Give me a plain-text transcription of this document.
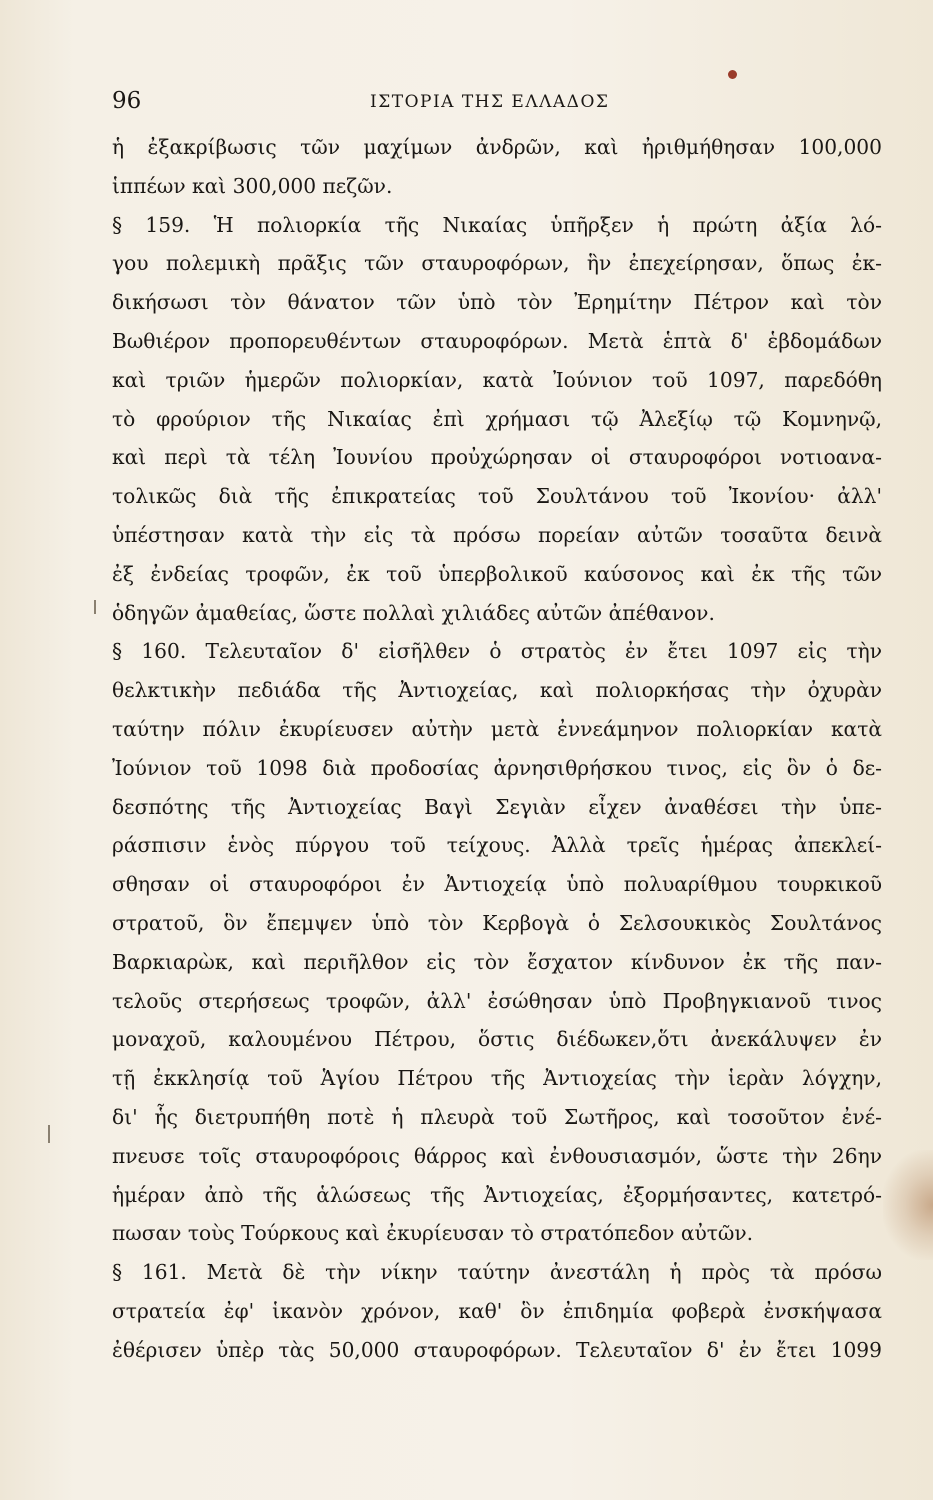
96	ΙΣΤΟΡΙΑ ΤΗΣ ΕΛΛΑΔΟΣ
ἡ ἐξακρίβωσις τῶν μαχίμων ἀνδρῶν, καὶ ἠριθμήθησαν 100,000
ἱππέων καὶ 300,000 πεζῶν.
§ 159. Ἡ πολιορκία τῆς Νικαίας ὑπῆρξεν ἡ πρώτη ἀξία λό-
γου πολεμικὴ πρᾶξις τῶν σταυροφόρων, ἣν ἐπεχείρησαν, ὅπως ἐκ-
δικήσωσι τὸν θάνατον τῶν ὑπὸ τὸν Ἐρημίτην Πέτρον καὶ τὸν
Βωθιέρον προπορευθέντων σταυροφόρων. Μετὰ ἑπτὰ δ' ἑβδομάδων
καὶ τριῶν ἡμερῶν πολιορκίαν, κατὰ Ἰούνιον τοῦ 1097, παρεδόθη
τὸ φρούριον τῆς Νικαίας ἐπὶ χρήμασι τῷ Ἀλεξίῳ τῷ Κομνηνῷ,
καὶ περὶ τὰ τέλη Ἰουνίου προὐχώρησαν οἱ σταυροφόροι νοτιοανα-
τολικῶς διὰ τῆς ἐπικρατείας τοῦ Σουλτάνου τοῦ Ἰκονίου· ἀλλ'
ὑπέστησαν κατὰ τὴν εἰς τὰ πρόσω πορείαν αὐτῶν τοσαῦτα δεινὰ
ἐξ ἐνδείας τροφῶν, ἐκ τοῦ ὑπερβολικοῦ καύσονος καὶ ἐκ τῆς τῶν
ὁδηγῶν ἀμαθείας, ὥστε πολλαὶ χιλιάδες αὐτῶν ἀπέθανον.
§ 160. Τελευταῖον δ' εἰσῆλθεν ὁ στρατὸς ἐν ἔτει 1097 εἰς τὴν
θελκτικὴν πεδιάδα τῆς Ἀντιοχείας, καὶ πολιορκήσας τὴν ὀχυρὰν
ταύτην πόλιν ἐκυρίευσεν αὐτὴν μετὰ ἐννεάμηνον πολιορκίαν κατὰ
Ἰούνιον τοῦ 1098 διὰ προδοσίας ἀρνησιθρήσκου τινος, εἰς ὃν ὁ δε-
δεσπότης τῆς Ἀντιοχείας Βαγὶ Σεγιὰν εἶχεν ἀναθέσει τὴν ὑπε-
ράσπισιν ἑνὸς πύργου τοῦ τείχους. Ἀλλὰ τρεῖς ἡμέρας ἀπεκλεί-
σθησαν οἱ σταυροφόροι ἐν Ἀντιοχείᾳ ὑπὸ πολυαρίθμου τουρκικοῦ
στρατοῦ, ὃν ἔπεμψεν ὑπὸ τὸν Κερβογὰ ὁ Σελσουκικὸς Σουλτάνος
Βαρκιαρὼκ, καὶ περιῆλθον εἰς τὸν ἔσχατον κίνδυνον ἐκ τῆς παν-
τελοῦς στερήσεως τροφῶν, ἀλλ' ἐσώθησαν ὑπὸ Προβηγκιανοῦ τινος
μοναχοῦ, καλουμένου Πέτρου, ὅστις διέδωκεν,ὅτι ἀνεκάλυψεν ἐν
τῇ ἐκκλησίᾳ τοῦ Ἁγίου Πέτρου τῆς Ἀντιοχείας τὴν ἱερὰν λόγχην,
δι' ἧς διετρυπήθη ποτὲ ἡ πλευρὰ τοῦ Σωτῆρος, καὶ τοσοῦτον ἐνέ-
πνευσε τοῖς σταυροφόροις θάρρος καὶ ἐνθουσιασμόν, ὥστε τὴν 26ην
ἡμέραν ἀπὸ τῆς ἁλώσεως τῆς Ἀντιοχείας, ἐξορμήσαντες, κατετρό-
πωσαν τοὺς Τούρκους καὶ ἐκυρίευσαν τὸ στρατόπεδον αὐτῶν.
§ 161. Μετὰ δὲ τὴν νίκην ταύτην ἀνεστάλη ἡ πρὸς τὰ πρόσω
στρατεία ἐφ' ἱκανὸν χρόνον, καθ' ὃν ἐπιδημία φοβερὰ ἐνσκήψασα
ἐθέρισεν ὑπὲρ τὰς 50,000 σταυροφόρων. Τελευταῖον δ' ἐν ἔτει 1099
